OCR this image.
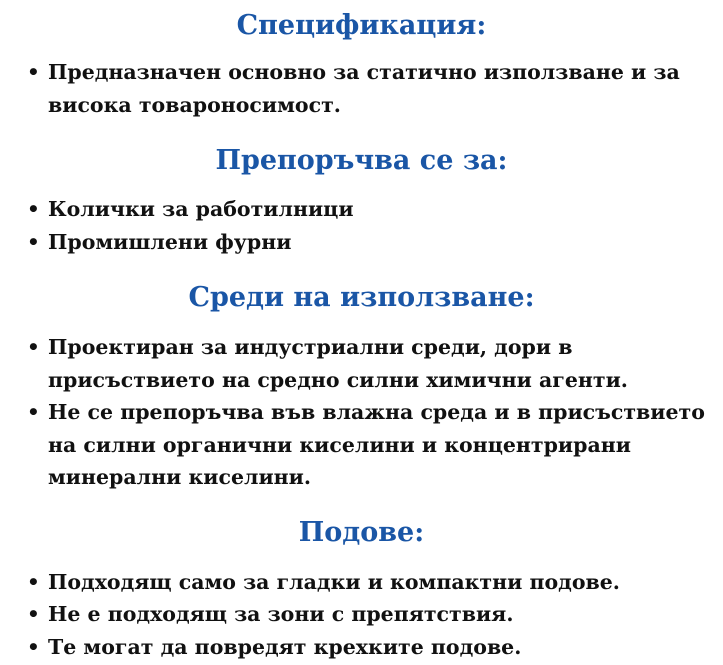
Спецификация:
• Предназначен основно за статично използване и за висока товароносимост.
Препоръчва се за:
• Колички за работилници
• Промишлени фурни
Среди на използване:
• Проектиран за индустриални среди, дори в присъствието на средно силни химични агенти.
• Не се препоръчва във влажна среда и в присъствието на силни органични киселини и концентрирани минерални киселини.
Подове:
• Подходящ само за гладки и компактни подове.
• Не е подходящ за зони с препятствия.
• Те могат да повредят крехките подове.
